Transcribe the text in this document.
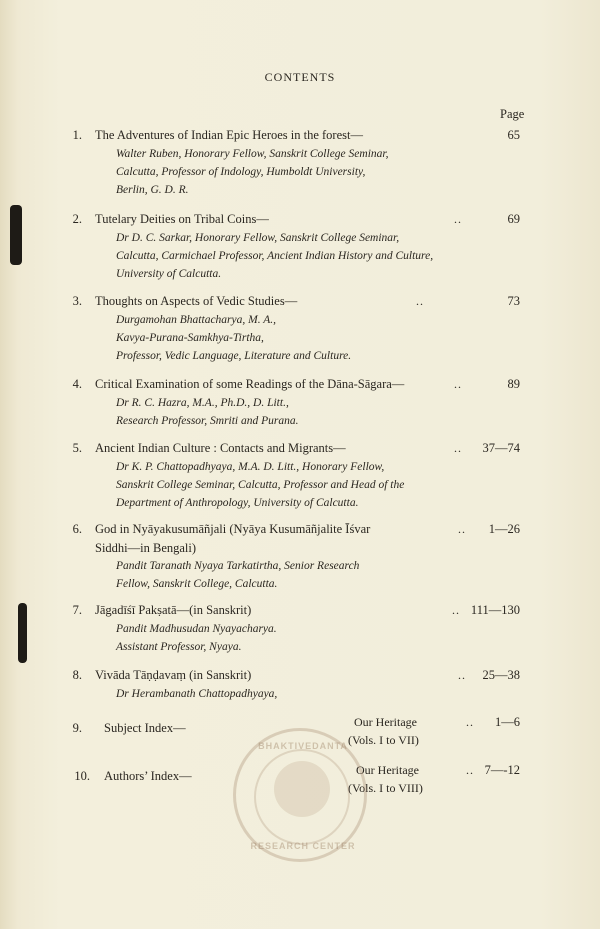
CONTENTS
Page
1. The Adventures of Indian Epic Heroes in the forest—	65
Walter Ruben, Honorary Fellow, Sanskrit College Seminar,
Calcutta, Professor of Indology, Humboldt University,
Berlin, G. D. R.
2. Tutelary Deities on Tribal Coins—	..	69
Dr D. C. Sarkar, Honorary Fellow, Sanskrit College Seminar,
Calcutta, Carmichael Professor, Ancient Indian History and Culture,
University of Calcutta.
3. Thoughts on Aspects of Vedic Studies—	..	73
Durgamohan Bhattacharya, M. A.,
Kavya-Purana-Samkhya-Tirtha,
Professor, Vedic Language, Literature and Culture.
4. Critical Examination of some Readings of the Dāna-Sāgara—	..	89
Dr R. C. Hazra, M.A., Ph.D., D. Litt.,
Research Professor, Smriti and Purana.
5. Ancient Indian Culture : Contacts and Migrants—	.. 37—74
Dr K. P. Chattopadhyaya, M.A. D. Litt., Honorary Fellow,
Sanskrit College Seminar, Calcutta, Professor and Head of the
Department of Anthropology, University of Calcutta.
6. God in Nyāyakusumāñjali (Nyāya Kusumāñjalite Īśvar
Siddhi—in Bengali)
.. 1—26
Pandit Taranath Nyaya Tarkatirtha, Senior Research
Fellow, Sanskrit College, Calcutta.
7. Jāgadīśī Pakṣatā—(in Sanskrit)	.. 111—130
Pandit Madhusudan Nyayacharya.
Assistant Professor, Nyaya.
8. Vivāda Tāṇḍavaṃ (in Sanskrit)	.. 25—38
Dr Herambanath Chattopadhyaya,
9. Subject Index—	Our Heritage
(Vols. I to VII)
.. 1—6
10. Authors’ Index—	Our Heritage
(Vols. I to VIII)
.. 7—-12
BHAKTIVEDANTA
RESEARCH CENTER
